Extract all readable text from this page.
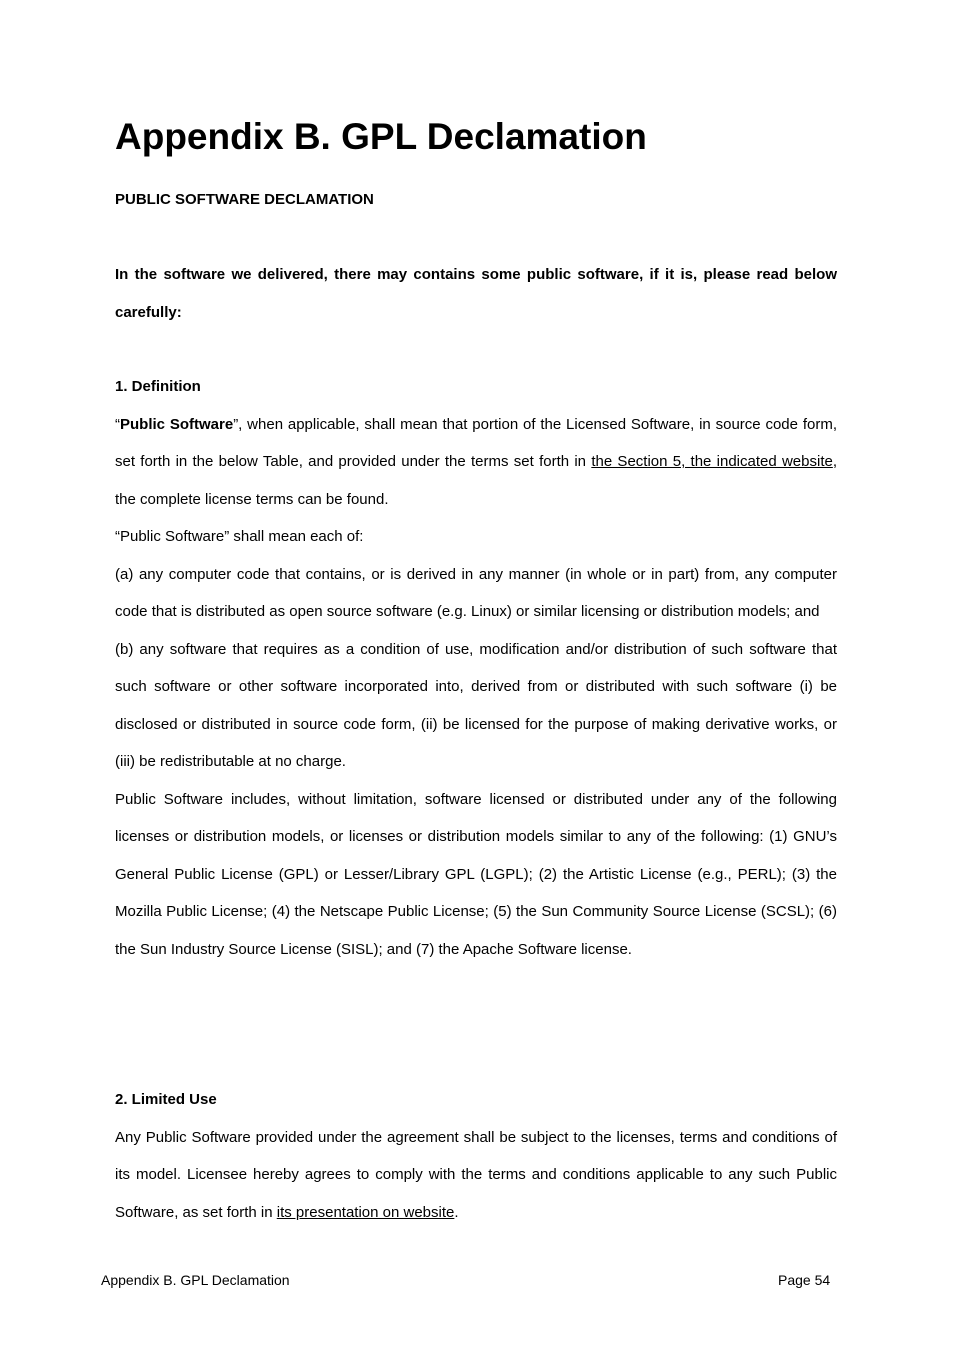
Appendix B. GPL Declamation

PUBLIC SOFTWARE DECLAMATION

In the software we delivered, there may contains some public software, if it is, please read below carefully:

1. Definition

“Public Software”, when applicable, shall mean that portion of the Licensed Software, in source code form, set forth in the below Table, and provided under the terms set forth in the Section 5, the indicated website, the complete license terms can be found.

“Public Software” shall mean each of:

(a) any computer code that contains, or is derived in any manner (in whole or in part) from, any computer code that is distributed as open source software (e.g. Linux) or similar licensing or distribution models; and

(b) any software that requires as a condition of use, modification and/or distribution of such software that such software or other software incorporated into, derived from or distributed with such software (i) be disclosed or distributed in source code form, (ii) be licensed for the purpose of making derivative works, or (iii) be redistributable at no charge.

Public Software includes, without limitation, software licensed or distributed under any of the following licenses or distribution models, or licenses or distribution models similar to any of the following: (1) GNU’s General Public License (GPL) or Lesser/Library GPL (LGPL); (2) the Artistic License (e.g., PERL); (3) the Mozilla Public License; (4) the Netscape Public License; (5) the Sun Community Source License (SCSL); (6) the Sun Industry Source License (SISL); and (7) the Apache Software license.

2. Limited Use

Any Public Software provided under the agreement shall be subject to the licenses, terms and conditions of its model. Licensee hereby agrees to comply with the terms and conditions applicable to any such Public Software, as set forth in its presentation on website.

Appendix B. GPL Declamation	Page 54
